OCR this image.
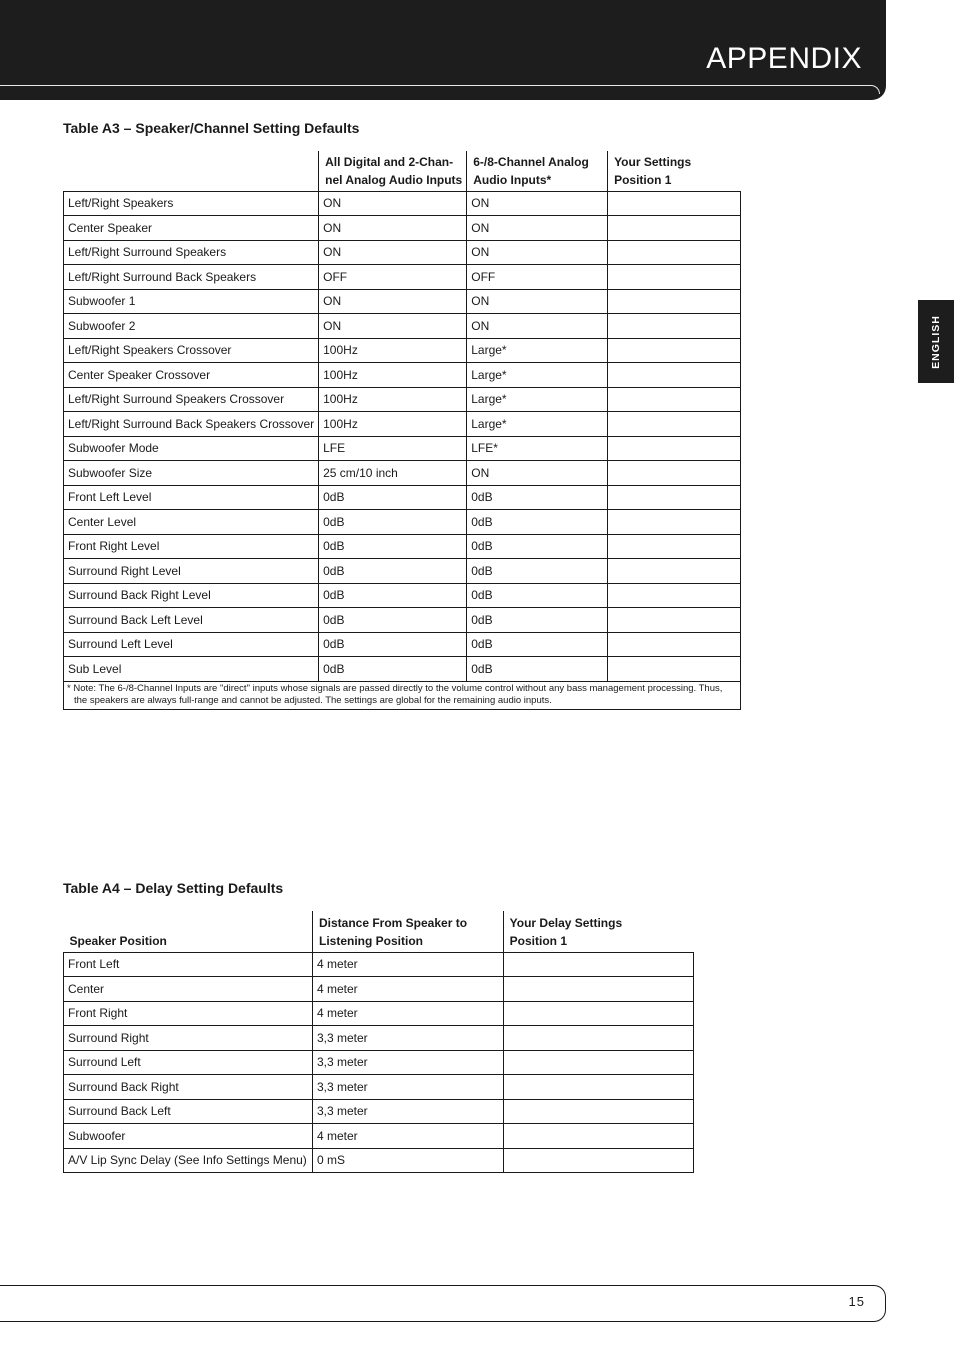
APPENDIX
ENGLISH
Table A3 – Speaker/Channel Setting Defaults
	All Digital and 2-Chan-
nel Analog Audio Inputs	6-/8-Channel Analog
Audio Inputs*	Your Settings
Position 1
Left/Right Speakers	ON	ON	
Center Speaker	ON	ON	
Left/Right Surround Speakers	ON	ON	
Left/Right Surround Back Speakers	OFF	OFF	
Subwoofer 1	ON	ON	
Subwoofer 2	ON	ON	
Left/Right Speakers Crossover	100Hz	Large*	
Center Speaker Crossover	100Hz	Large*	
Left/Right Surround Speakers Crossover	100Hz	Large*	
Left/Right Surround Back Speakers Crossover	100Hz	Large*	
Subwoofer Mode	LFE	LFE*	
Subwoofer Size	25 cm/10 inch	ON	
Front Left Level	0dB	0dB	
Center Level	0dB	0dB	
Front Right Level	0dB	0dB	
Surround Right Level	0dB	0dB	
Surround Back Right Level	0dB	0dB	
Surround Back Left Level	0dB	0dB	
Surround Left Level	0dB	0dB	
Sub Level	0dB	0dB	
* Note: The 6-/8-Channel Inputs are "direct" inputs whose signals are passed directly to the volume control without any bass management processing. Thus,
the speakers are always full-range and cannot be adjusted. The settings are global for the remaining audio inputs.			
Table A4 – Delay Setting Defaults
Speaker Position	Distance From Speaker to
Listening Position	Your Delay Settings
Position 1
Front Left	4 meter	
Center	4 meter	
Front Right	4 meter	
Surround Right	3,3 meter	
Surround Left	3,3 meter	
Surround Back Right	3,3 meter	
Surround Back Left	3,3 meter	
Subwoofer	4 meter	
A/V Lip Sync Delay (See Info Settings Menu)	0 mS	
15
